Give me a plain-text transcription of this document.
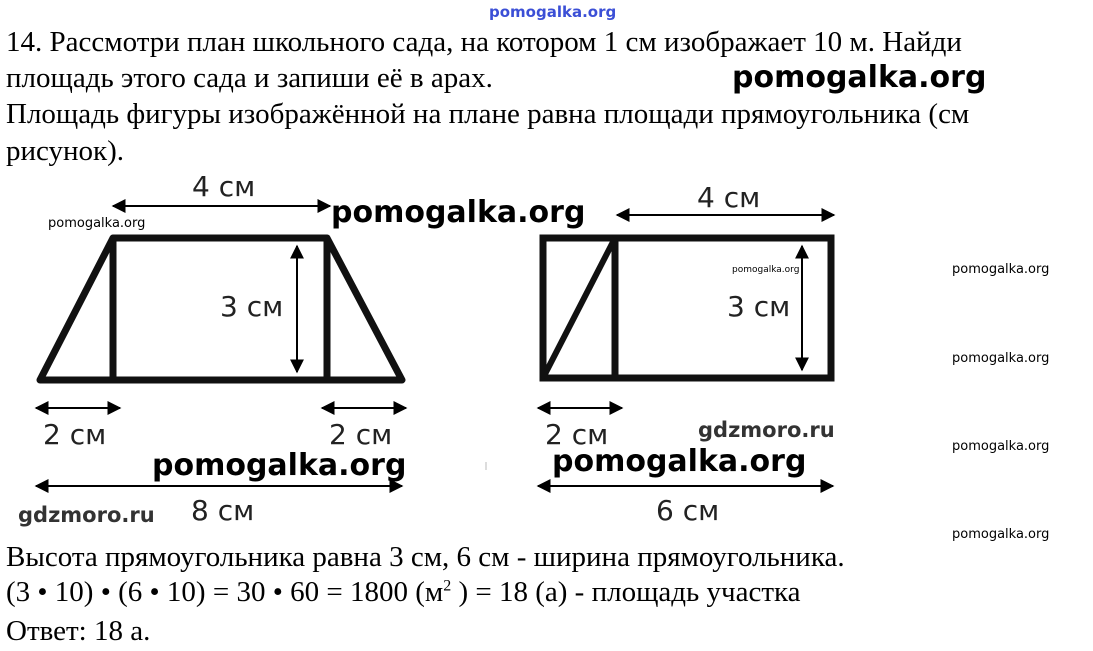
pomogalka.org
14. Рассмотри план школьного сада, на котором 1 см изображает 10 м. Найди
площадь этого сада и запиши её в арах.
Площадь фигуры изображённой на плане равна площади прямоугольника (см
рисунок).
4 см
3 см
2 см	2 см
8 см
4 см
3 см
2 см
6 см
pomogalka.org
pomogalka.org
pomogalka.org	pomogalka.org
pomogalka.org
pomogalka.org	pomogalka.org
pomogalka.org
pomogalka.org
pomogalka.org
gdzmoro.ru
gdzmoro.ru
Высота прямоугольника равна 3 см, 6 см - ширина прямоугольника.
(3 • 10) • (6 • 10) = 30 • 60 = 1800 ($м^2$ ) = 18 (а) - площадь участка
Ответ: 18 а.
